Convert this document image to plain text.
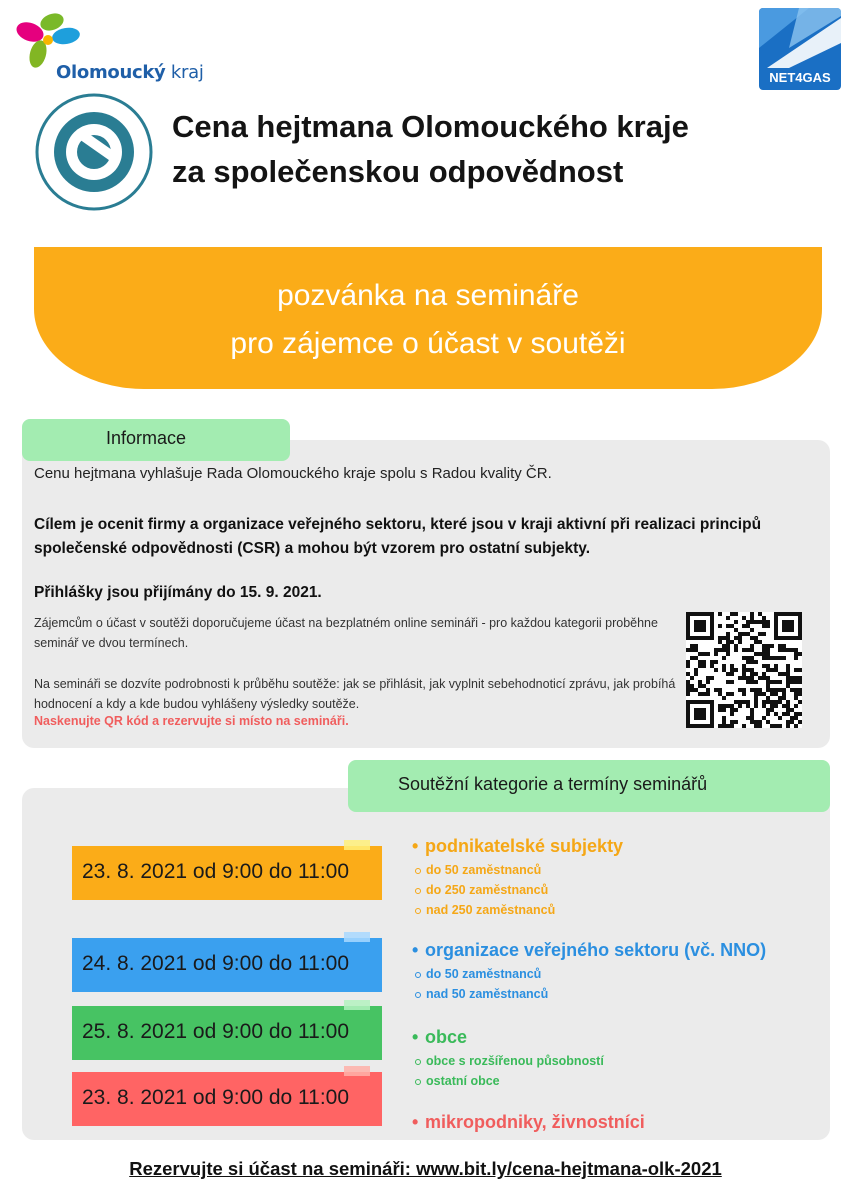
Olomoucký kraj	NET4GAS
Cena hejtmana Olomouckého kraje
za společenskou odpovědnost
pozvánka na semináře
pro zájemce o účast v soutěži
Informace
Cenu hejtmana vyhlašuje Rada Olomouckého kraje spolu s Radou kvality ČR.
Cílem je ocenit firmy a organizace veřejného sektoru, které jsou v kraji aktivní při realizaci principů společenské odpovědnosti (CSR) a mohou být vzorem pro ostatní subjekty.
Přihlášky jsou přijímány do 15. 9. 2021.
Zájemcům o účast v soutěži doporučujeme účast na bezplatném online semináři - pro každou kategorii proběhne seminář ve dvou termínech.
Na semináři se dozvíte podrobnosti k průběhu soutěže: jak se přihlásit, jak vyplnit sebehodnoticí zprávu, jak probíhá hodnocení a kdy a kde budou vyhlášeny výsledky soutěže.
Naskenujte QR kód a rezervujte si místo na semináři.
Soutěžní kategorie a termíny seminářů
23. 8. 2021 od 9:00 do 11:00
24. 8. 2021 od 9:00 do 11:00
25. 8. 2021 od 9:00 do 11:00
23. 8. 2021 od 9:00 do 11:00
• podnikatelské subjekty
do 50 zaměstnanců
do 250 zaměstnanců
nad 250 zaměstnanců
• organizace veřejného sektoru (vč. NNO)
do 50 zaměstnanců
nad 50 zaměstnanců
• obce
obce s rozšířenou působností
ostatní obce
• mikropodniky, živnostníci
Rezervujte si účast na semináři: www.bit.ly/cena-hejtmana-olk-2021
